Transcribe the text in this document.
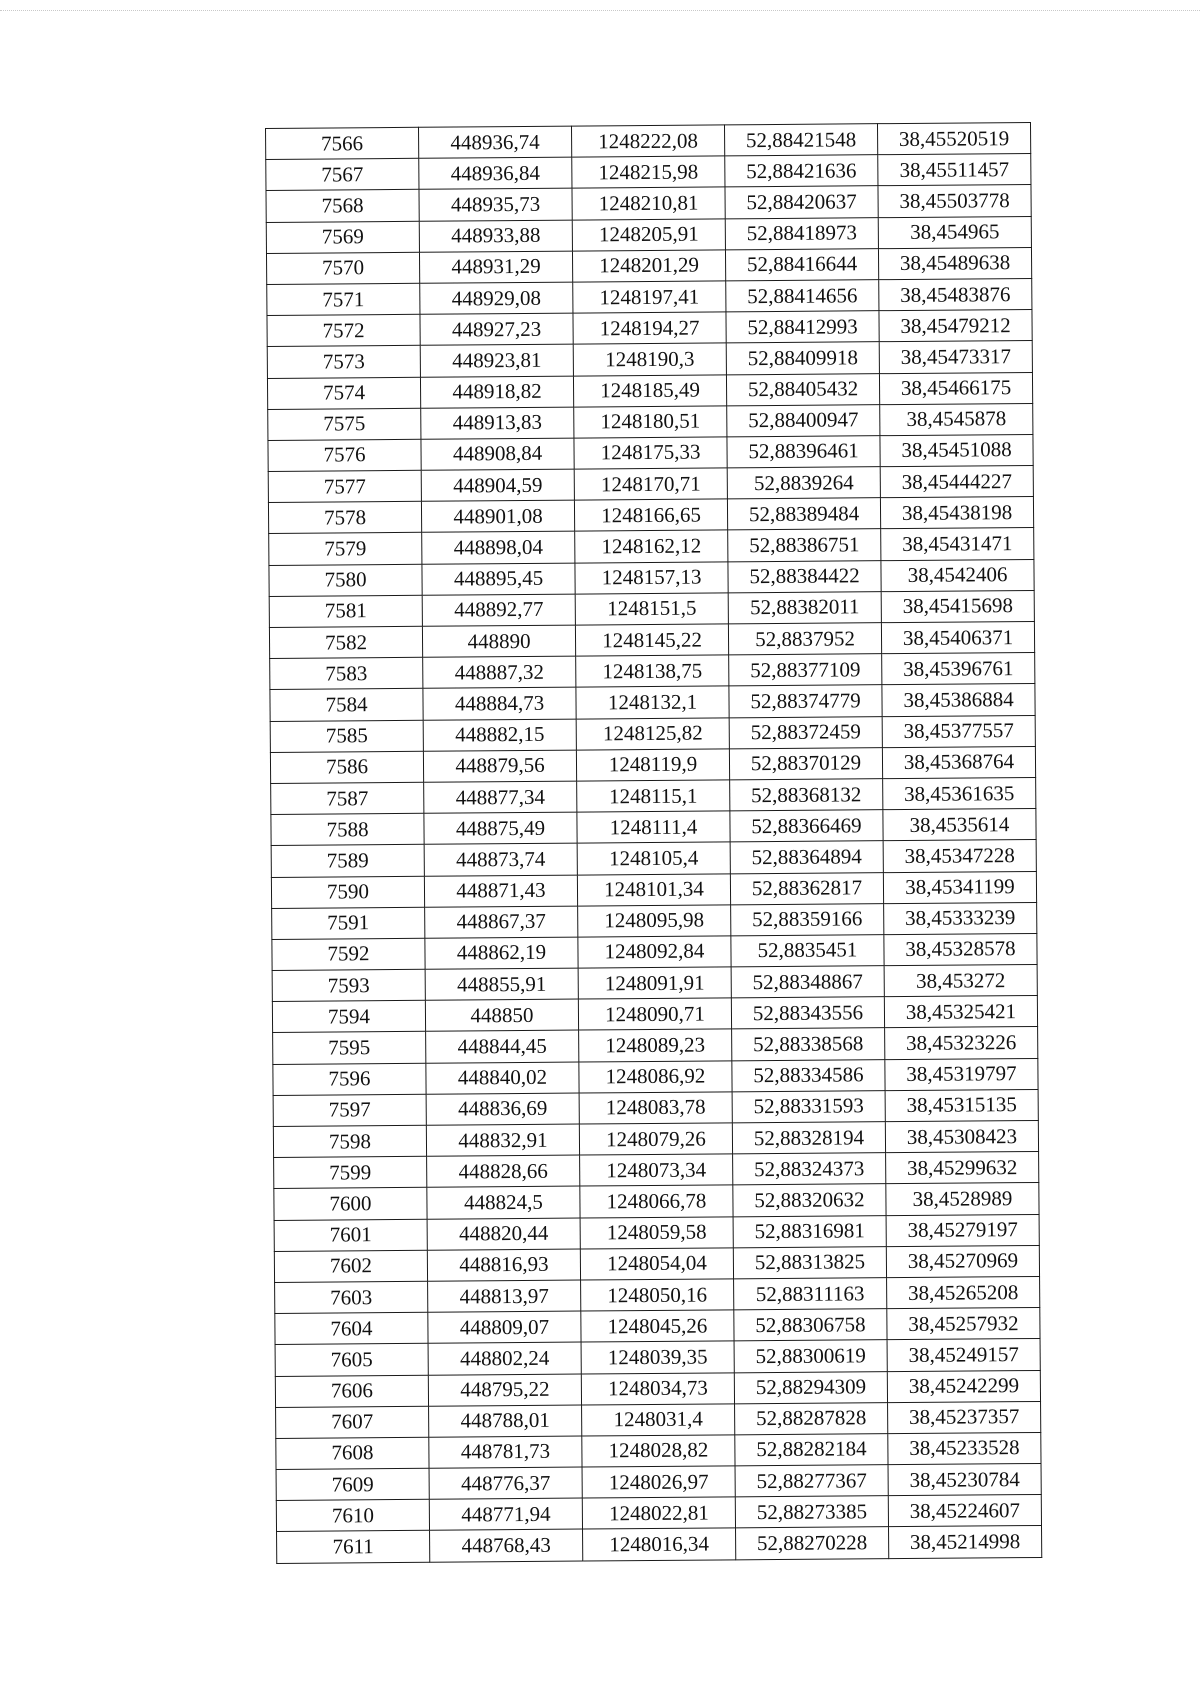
7566	448936,74	1248222,08	52,88421548	38,45520519
7567	448936,84	1248215,98	52,88421636	38,45511457
7568	448935,73	1248210,81	52,88420637	38,45503778
7569	448933,88	1248205,91	52,88418973	38,454965
7570	448931,29	1248201,29	52,88416644	38,45489638
7571	448929,08	1248197,41	52,88414656	38,45483876
7572	448927,23	1248194,27	52,88412993	38,45479212
7573	448923,81	1248190,3	52,88409918	38,45473317
7574	448918,82	1248185,49	52,88405432	38,45466175
7575	448913,83	1248180,51	52,88400947	38,4545878
7576	448908,84	1248175,33	52,88396461	38,45451088
7577	448904,59	1248170,71	52,8839264	38,45444227
7578	448901,08	1248166,65	52,88389484	38,45438198
7579	448898,04	1248162,12	52,88386751	38,45431471
7580	448895,45	1248157,13	52,88384422	38,4542406
7581	448892,77	1248151,5	52,88382011	38,45415698
7582	448890	1248145,22	52,8837952	38,45406371
7583	448887,32	1248138,75	52,88377109	38,45396761
7584	448884,73	1248132,1	52,88374779	38,45386884
7585	448882,15	1248125,82	52,88372459	38,45377557
7586	448879,56	1248119,9	52,88370129	38,45368764
7587	448877,34	1248115,1	52,88368132	38,45361635
7588	448875,49	1248111,4	52,88366469	38,4535614
7589	448873,74	1248105,4	52,88364894	38,45347228
7590	448871,43	1248101,34	52,88362817	38,45341199
7591	448867,37	1248095,98	52,88359166	38,45333239
7592	448862,19	1248092,84	52,8835451	38,45328578
7593	448855,91	1248091,91	52,88348867	38,453272
7594	448850	1248090,71	52,88343556	38,45325421
7595	448844,45	1248089,23	52,88338568	38,45323226
7596	448840,02	1248086,92	52,88334586	38,45319797
7597	448836,69	1248083,78	52,88331593	38,45315135
7598	448832,91	1248079,26	52,88328194	38,45308423
7599	448828,66	1248073,34	52,88324373	38,45299632
7600	448824,5	1248066,78	52,88320632	38,4528989
7601	448820,44	1248059,58	52,88316981	38,45279197
7602	448816,93	1248054,04	52,88313825	38,45270969
7603	448813,97	1248050,16	52,88311163	38,45265208
7604	448809,07	1248045,26	52,88306758	38,45257932
7605	448802,24	1248039,35	52,88300619	38,45249157
7606	448795,22	1248034,73	52,88294309	38,45242299
7607	448788,01	1248031,4	52,88287828	38,45237357
7608	448781,73	1248028,82	52,88282184	38,45233528
7609	448776,37	1248026,97	52,88277367	38,45230784
7610	448771,94	1248022,81	52,88273385	38,45224607
7611	448768,43	1248016,34	52,88270228	38,45214998
